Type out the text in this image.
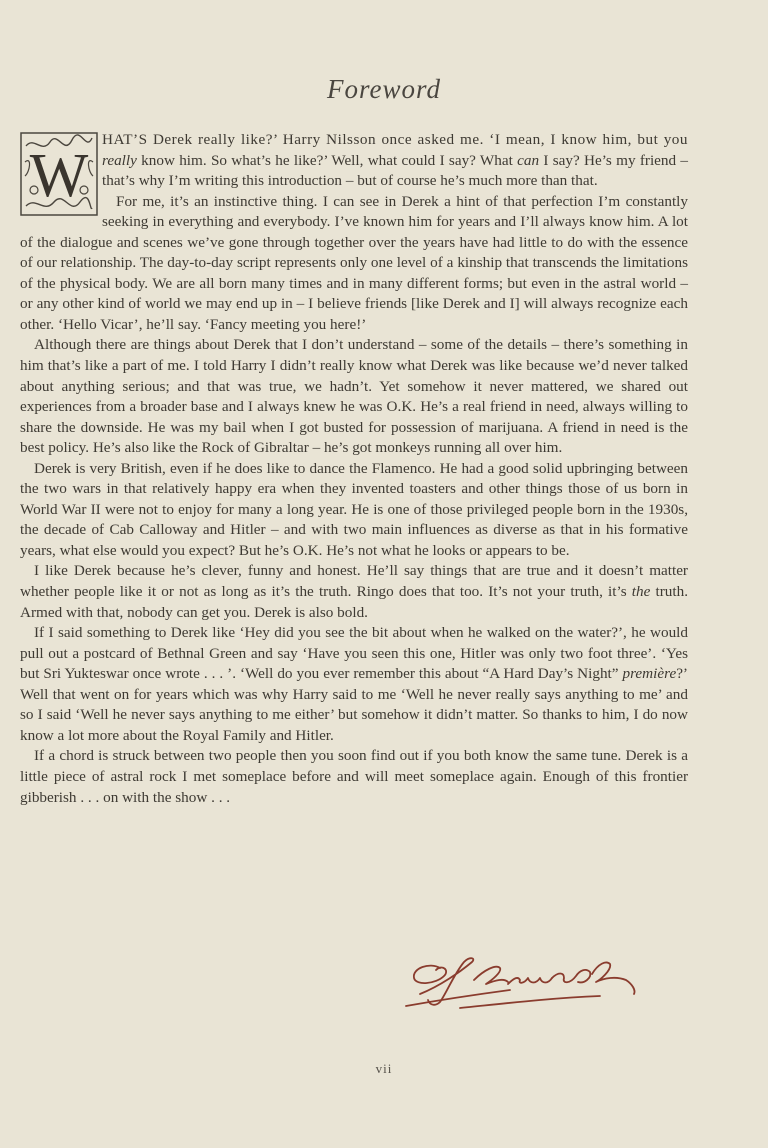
Foreword

W
HAT’S Derek really like?’ Harry Nilsson once asked me. ‘I mean, I know him, but you really know him. So what’s he like?’ Well, what could I say? What can I say? He’s my friend – that’s why I’m writing this introduction – but of course he’s much more than that.

For me, it’s an instinctive thing. I can see in Derek a hint of that perfection I’m constantly seeking in everything and everybody. I’ve known him for years and I’ll always know him. A lot of the dialogue and scenes we’ve gone through together over the years have had little to do with the essence of our relationship. The day-to-day script represents only one level of a kinship that transcends the limitations of the physical body. We are all born many times and in many different forms; but even in the astral world – or any other kind of world we may end up in – I believe friends [like Derek and I] will always recognize each other. ‘Hello Vicar’, he’ll say. ‘Fancy meeting you here!’

Although there are things about Derek that I don’t understand – some of the details – there’s something in him that’s like a part of me. I told Harry I didn’t really know what Derek was like because we’d never talked about anything serious; and that was true, we hadn’t. Yet somehow it never mattered, we shared out experiences from a broader base and I always knew he was O.K. He’s a real friend in need, always willing to share the downside. He was my bail when I got busted for possession of marijuana. A friend in need is the best policy. He’s also like the Rock of Gibraltar – he’s got monkeys running all over him.

Derek is very British, even if he does like to dance the Flamenco. He had a good solid upbringing between the two wars in that relatively happy era when they invented toasters and other things those of us born in World War II were not to enjoy for many a long year. He is one of those privileged people born in the 1930s, the decade of Cab Calloway and Hitler – and with two main influences as diverse as that in his formative years, what else would you expect? But he’s O.K. He’s not what he looks or appears to be.

I like Derek because he’s clever, funny and honest. He’ll say things that are true and it doesn’t matter whether people like it or not as long as it’s the truth. Ringo does that too. It’s not your truth, it’s the truth. Armed with that, nobody can get you. Derek is also bold.

If I said something to Derek like ‘Hey did you see the bit about when he walked on the water?’, he would pull out a postcard of Bethnal Green and say ‘Have you seen this one, Hitler was only two foot three’. ‘Yes but Sri Yukteswar once wrote . . . ’. ‘Well do you ever remember this about “A Hard Day’s Night” première?’ Well that went on for years which was why Harry said to me ‘Well he never really says anything to me’ and so I said ‘Well he never says anything to me either’ but somehow it didn’t matter. So thanks to him, I do now know a lot more about the Royal Family and Hitler.

If a chord is struck between two people then you soon find out if you both know the same tune. Derek is a little piece of astral rock I met someplace before and will meet someplace again. Enough of this frontier gibberish . . . on with the show . . .

vii
